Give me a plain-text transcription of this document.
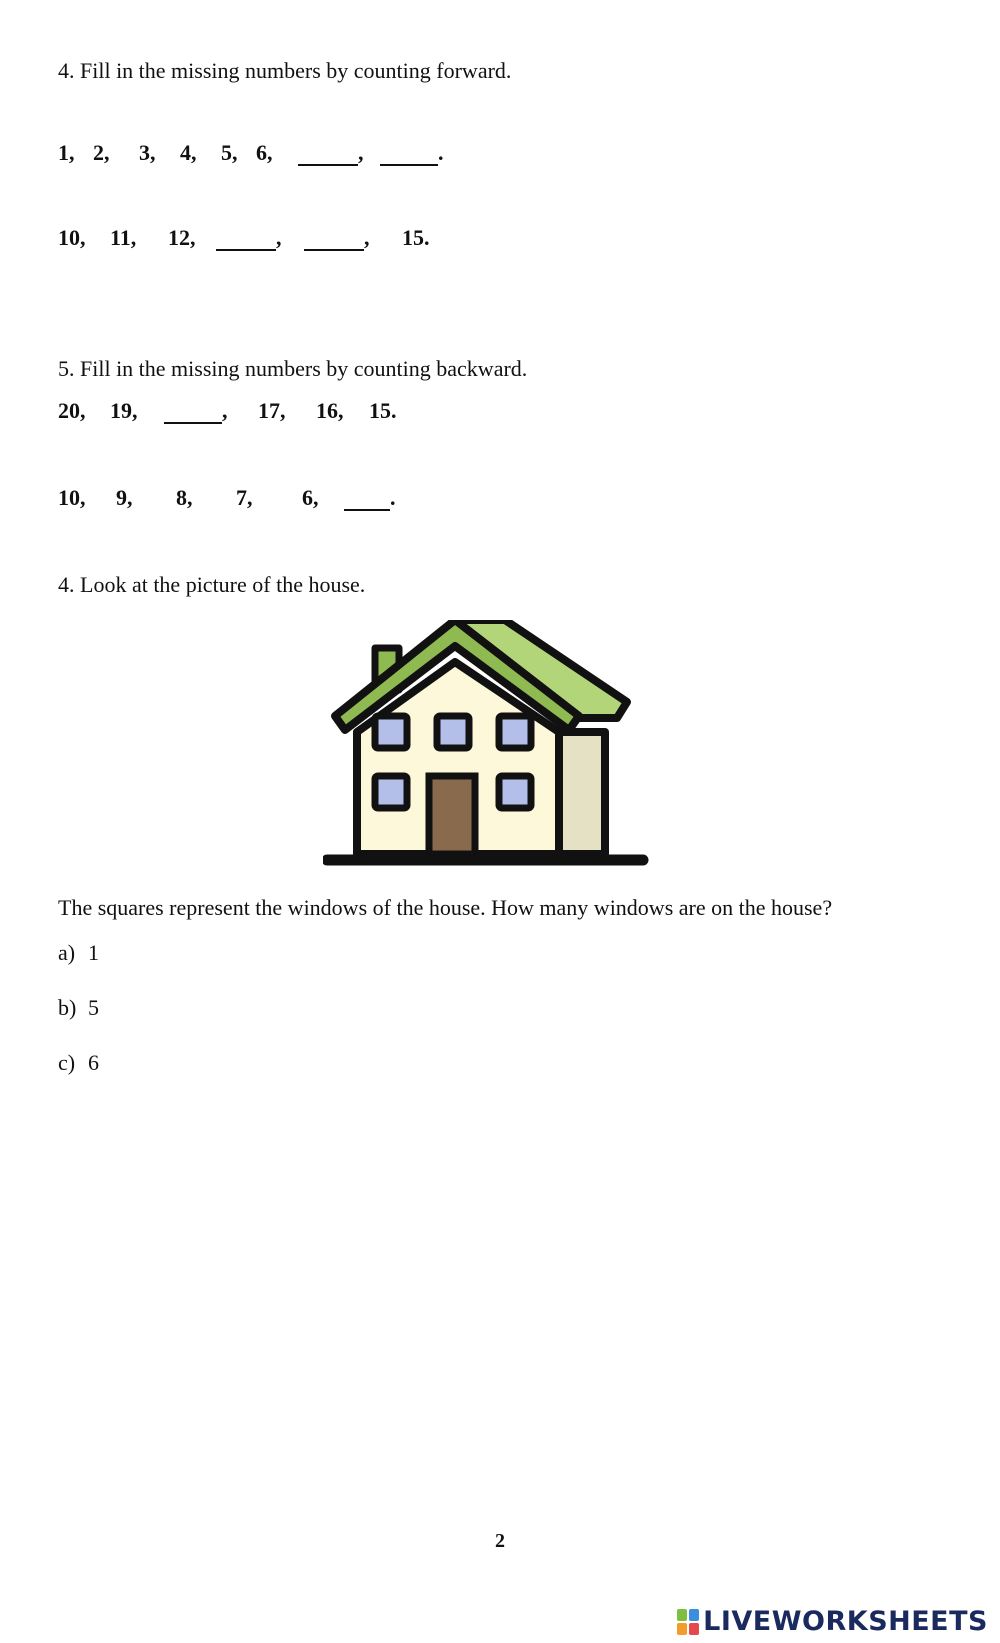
4. Fill in the missing numbers by counting forward.
1, 2, 3, 4, 5, 6,	,	.
10, 11, 12,	,	, 15.
5. Fill in the missing numbers by counting backward.
20, 19,	, 17, 16, 15.
10, 9, 8, 7, 6,	.
4. Look at the picture of the house.
The squares represent the windows of the house. How many windows are on the house?
a) 1
b) 5
c) 6
2
LIVEWORKSHEETS
